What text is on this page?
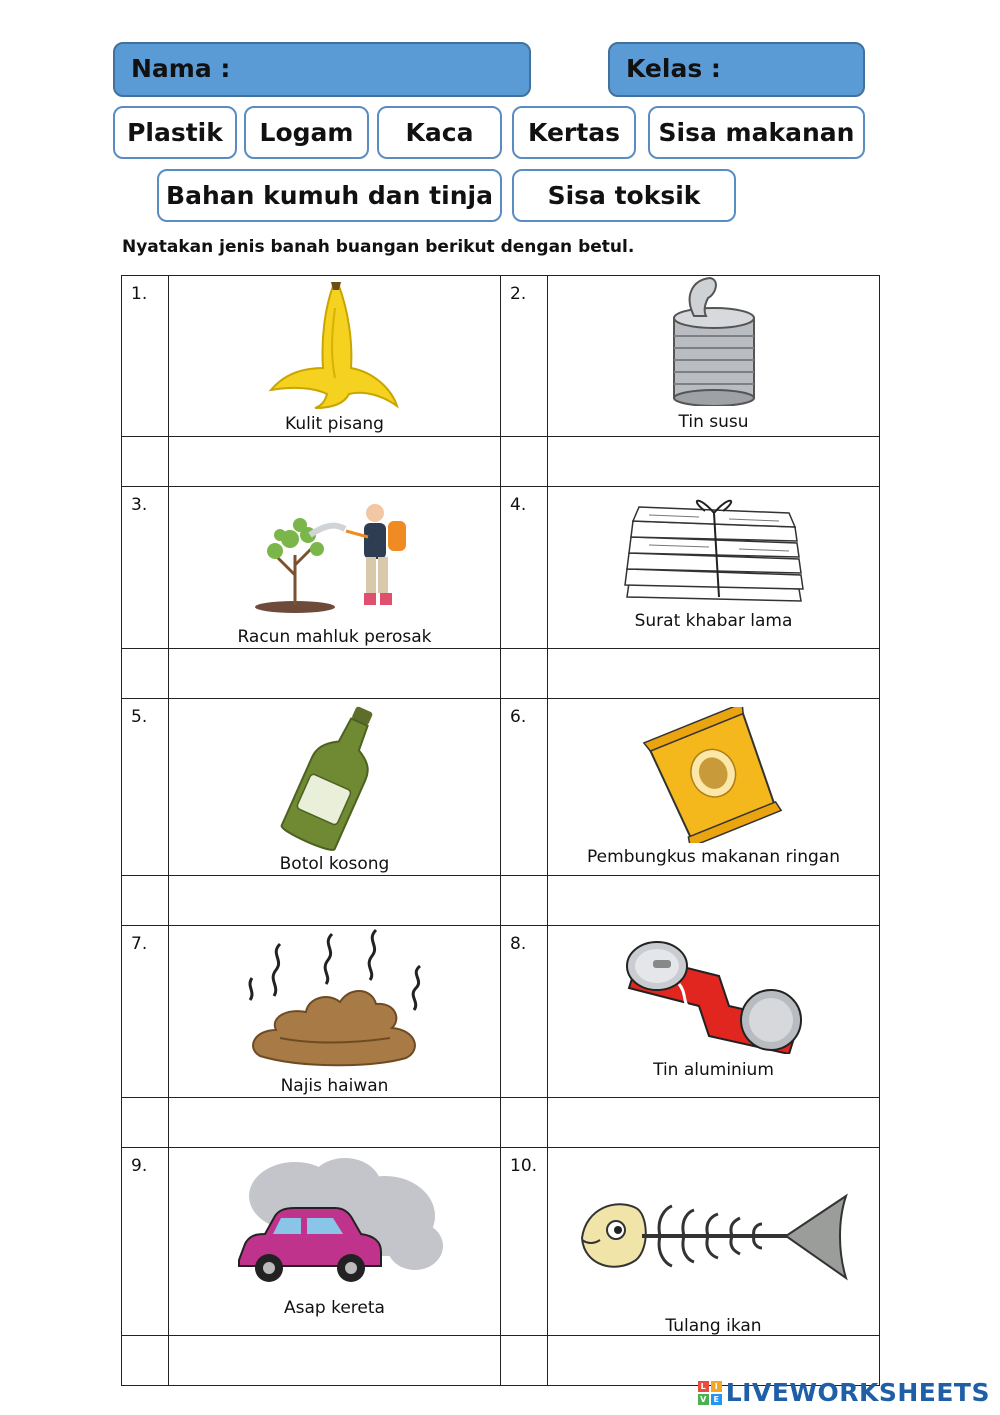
Nama :	Kelas :
Plastik	Logam	Kaca	Kertas	Sisa makanan
Bahan kumuh dan tinja	Sisa toksik
Nyatakan jenis banah buangan berikut dengan betul.
1.	Kulit pisang	2.	Tin susu

3.	Racun mahluk perosak	4.	Surat khabar lama

5.	Botol kosong	6.	Pembungkus makanan ringan

7.	Najis haiwan	8.	Tin aluminium

9.	Asap kereta	10.	Tulang ikan

L	I
V E LIVEWORKSHEETS
